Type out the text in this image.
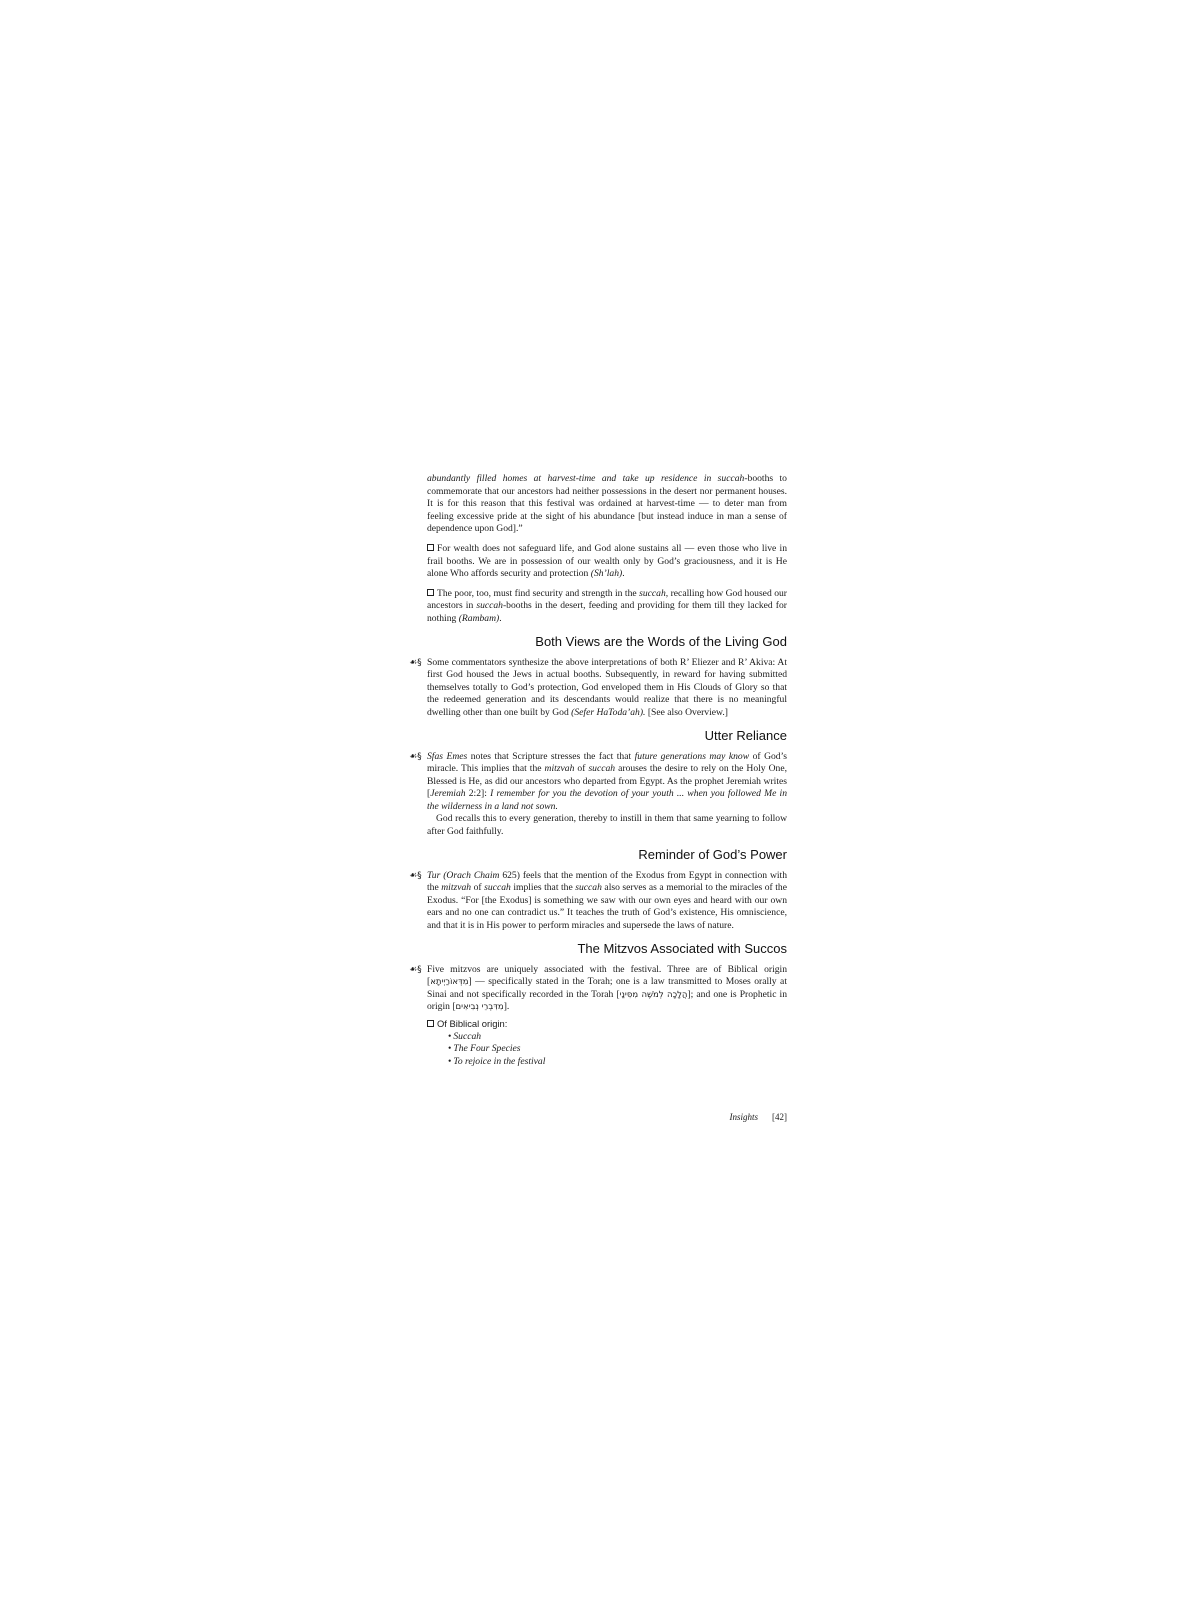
abundantly filled homes at harvest-time and take up residence in succah-booths to commemorate that our ancestors had neither possessions in the desert nor permanent houses. It is for this reason that this festival was ordained at harvest-time — to deter man from feeling excessive pride at the sight of his abundance [but instead induce in man a sense of dependence upon God].”

For wealth does not safeguard life, and God alone sustains all — even those who live in frail booths. We are in possession of our wealth only by God’s graciousness, and it is He alone Who affords security and protection (Sh’lah).

The poor, too, must find security and strength in the succah, recalling how God housed our ancestors in succah-booths in the desert, feeding and providing for them till they lacked for nothing (Rambam).

Both Views are the Words of the Living God

☙§ Some commentators synthesize the above interpretations of both R’ Eliezer and R’ Akiva: At first God housed the Jews in actual booths. Subsequently, in reward for having submitted themselves totally to God’s protection, God enveloped them in His Clouds of Glory so that the redeemed generation and its descendants would realize that there is no meaningful dwelling other than one built by God (Sefer HaToda’ah). [See also Overview.]

Utter Reliance

☙§ Sfas Emes notes that Scripture stresses the fact that future generations may know of God’s miracle. This implies that the mitzvah of succah arouses the desire to rely on the Holy One, Blessed is He, as did our ancestors who departed from Egypt. As the prophet Jeremiah writes [Jeremiah 2:2]: I remember for you the devotion of your youth ... when you followed Me in the wilderness in a land not sown.

God recalls this to every generation, thereby to instill in them that same yearning to follow after God faithfully.

Reminder of God’s Power

☙§ Tur (Orach Chaim 625) feels that the mention of the Exodus from Egypt in connection with the mitzvah of succah implies that the succah also serves as a memorial to the miracles of the Exodus. “For [the Exodus] is something we saw with our own eyes and heard with our own ears and no one can contradict us.” It teaches the truth of God’s existence, His omniscience, and that it is in His power to perform miracles and supersede the laws of nature.

The Mitzvos Associated with Succos

☙§ Five mitzvos are uniquely associated with the festival. Three are of Biblical origin [מִדְּאוֹרַיְיתָא] — specifically stated in the Torah; one is a law transmitted to Moses orally at Sinai and not specifically recorded in the Torah [הֲלָכָה לְמֹשֶׁה מִסִּינַי]; and one is Prophetic in origin [מִדִּבְרֵי נְבִיאִים].

Of Biblical origin:
• Succah
• The Four Species
• To rejoice in the festival
Insights [42]
